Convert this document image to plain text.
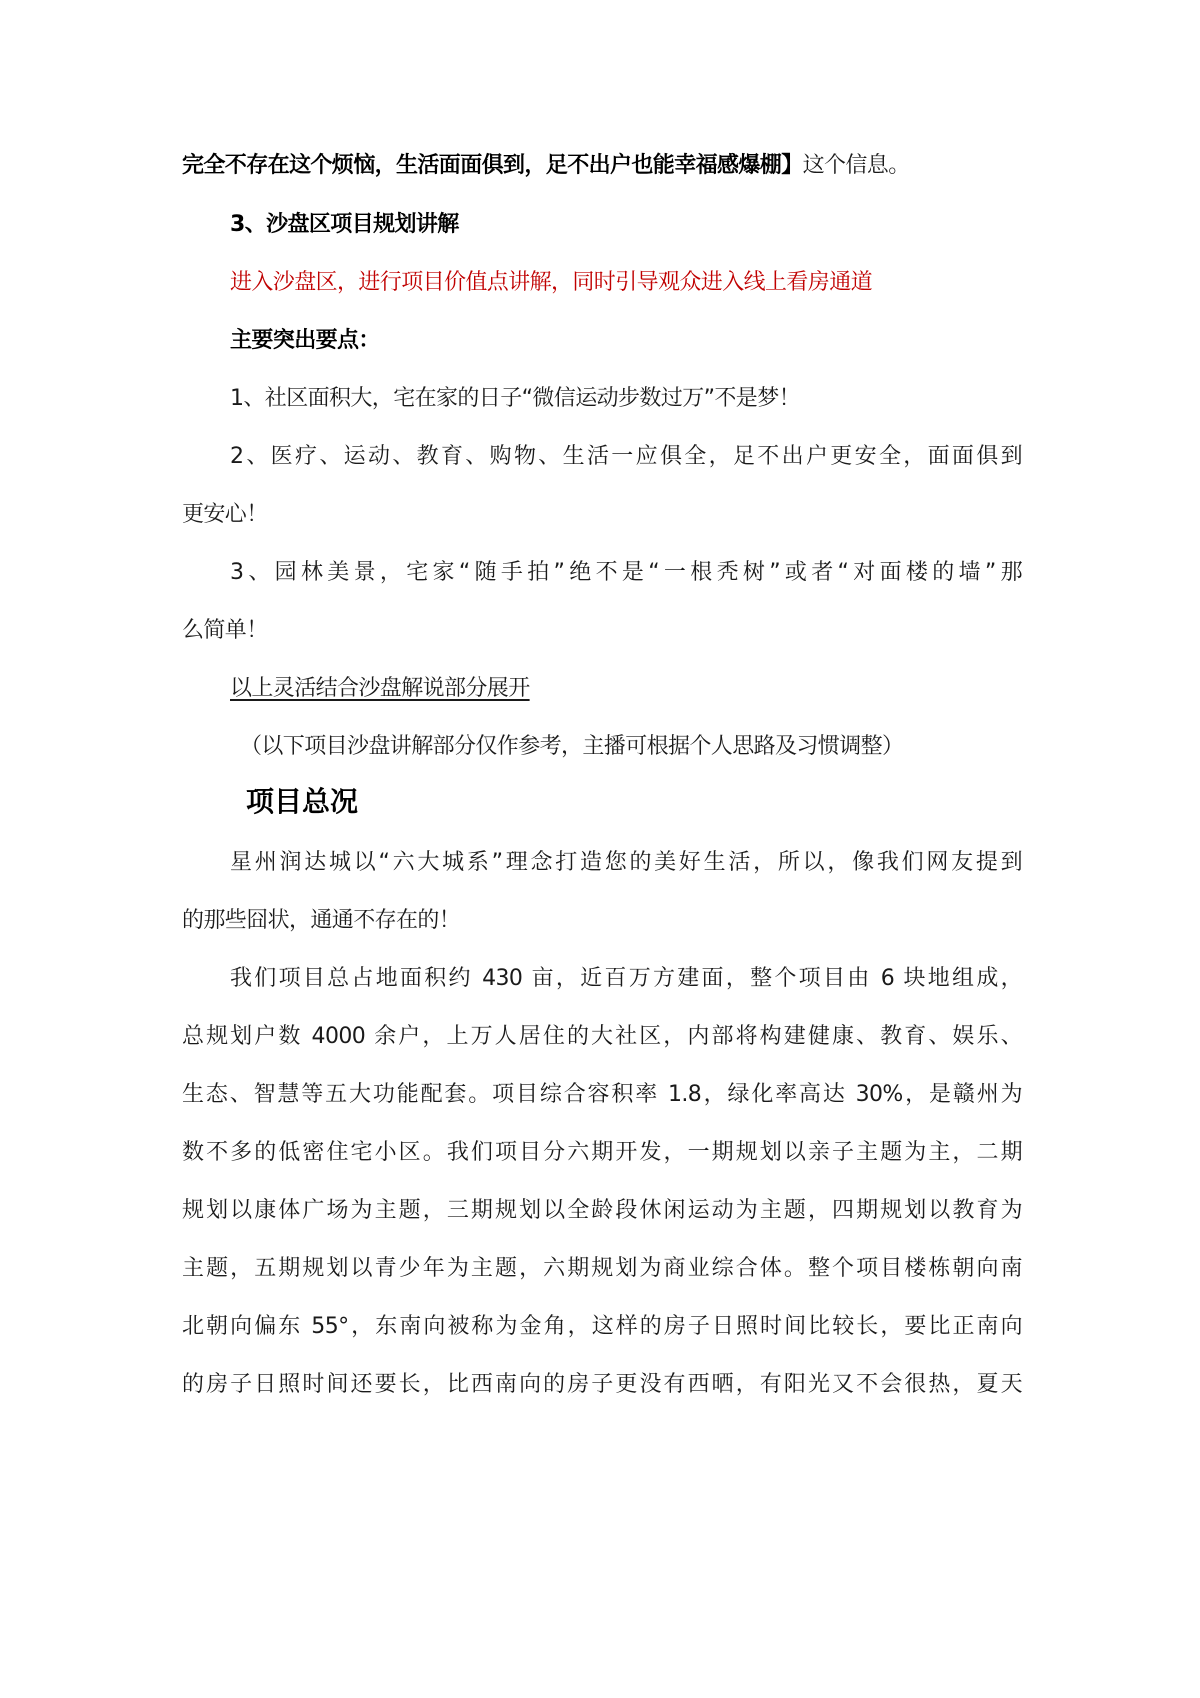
完全不存在这个烦恼，生活面面俱到，足不出户也能幸福感爆棚】这个信息。
3、沙盘区项目规划讲解
进入沙盘区，进行项目价值点讲解，同时引导观众进入线上看房通道
主要突出要点：
1、社区面积大，宅在家的日子“微信运动步数过万”不是梦！
2、医疗、运动、教育、购物、生活一应俱全，足不出户更安全，面面俱到
更安心！
3、园林美景，宅家“随手拍”绝不是“一根秃树”或者“对面楼的墙”那
么简单！
以上灵活结合沙盘解说部分展开
（以下项目沙盘讲解部分仅作参考，主播可根据个人思路及习惯调整）
项目总况
星州润达城以“六大城系”理念打造您的美好生活，所以，像我们网友提到
的那些囧状，通通不存在的！
我们项目总占地面积约 430 亩，近百万方建面，整个项目由 6 块地组成，
总规划户数 4000 余户，上万人居住的大社区，内部将构建健康、教育、娱乐、
生态、智慧等五大功能配套。项目综合容积率 1.8，绿化率高达 30%，是赣州为
数不多的低密住宅小区。我们项目分六期开发，一期规划以亲子主题为主，二期
规划以康体广场为主题，三期规划以全龄段休闲运动为主题，四期规划以教育为
主题，五期规划以青少年为主题，六期规划为商业综合体。整个项目楼栋朝向南
北朝向偏东 55°，东南向被称为金角，这样的房子日照时间比较长，要比正南向
的房子日照时间还要长，比西南向的房子更没有西晒，有阳光又不会很热，夏天
